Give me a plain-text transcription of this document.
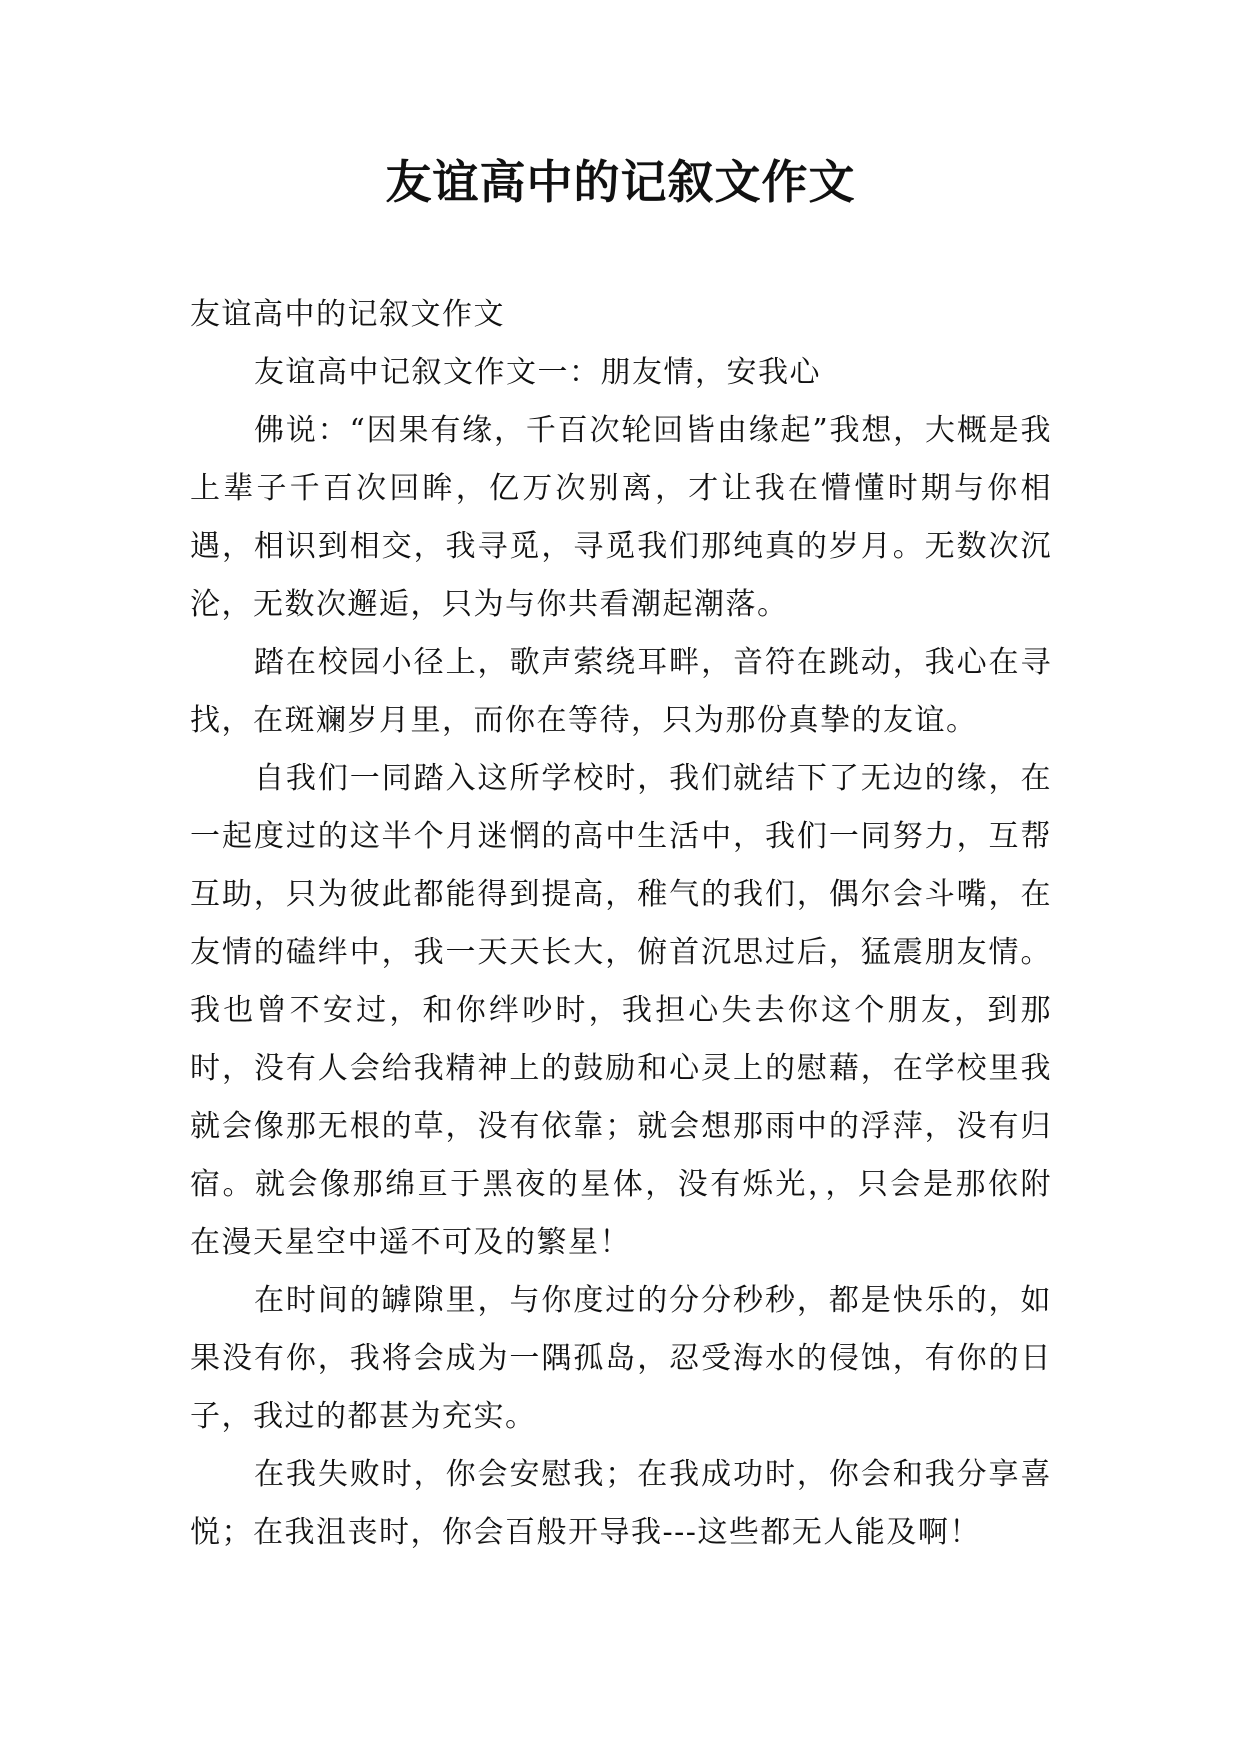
友谊高中的记叙文作文

友谊高中的记叙文作文

友谊高中记叙文作文一：朋友情，安我心

佛说：“因果有缘，千百次轮回皆由缘起”我想，大概是我上辈子千百次回眸，亿万次别离，才让我在懵懂时期与你相遇，相识到相交，我寻觅，寻觅我们那纯真的岁月。无数次沉沦，无数次邂逅，只为与你共看潮起潮落。

踏在校园小径上，歌声萦绕耳畔，音符在跳动，我心在寻找，在斑斓岁月里，而你在等待，只为那份真挚的友谊。

自我们一同踏入这所学校时，我们就结下了无边的缘，在一起度过的这半个月迷惘的高中生活中，我们一同努力，互帮互助，只为彼此都能得到提高，稚气的我们，偶尔会斗嘴，在友情的磕绊中，我一天天长大，俯首沉思过后，猛震朋友情。我也曾不安过，和你绊吵时，我担心失去你这个朋友，到那时，没有人会给我精神上的鼓励和心灵上的慰藉，在学校里我就会像那无根的草，没有依靠；就会想那雨中的浮萍，没有归宿。就会像那绵亘于黑夜的星体，没有烁光，，只会是那依附在漫天星空中遥不可及的繁星！

在时间的罅隙里，与你度过的分分秒秒，都是快乐的，如果没有你，我将会成为一隅孤岛，忍受海水的侵蚀，有你的日子，我过的都甚为充实。

在我失败时，你会安慰我；在我成功时，你会和我分享喜悦；在我沮丧时，你会百般开导我---这些都无人能及啊！
